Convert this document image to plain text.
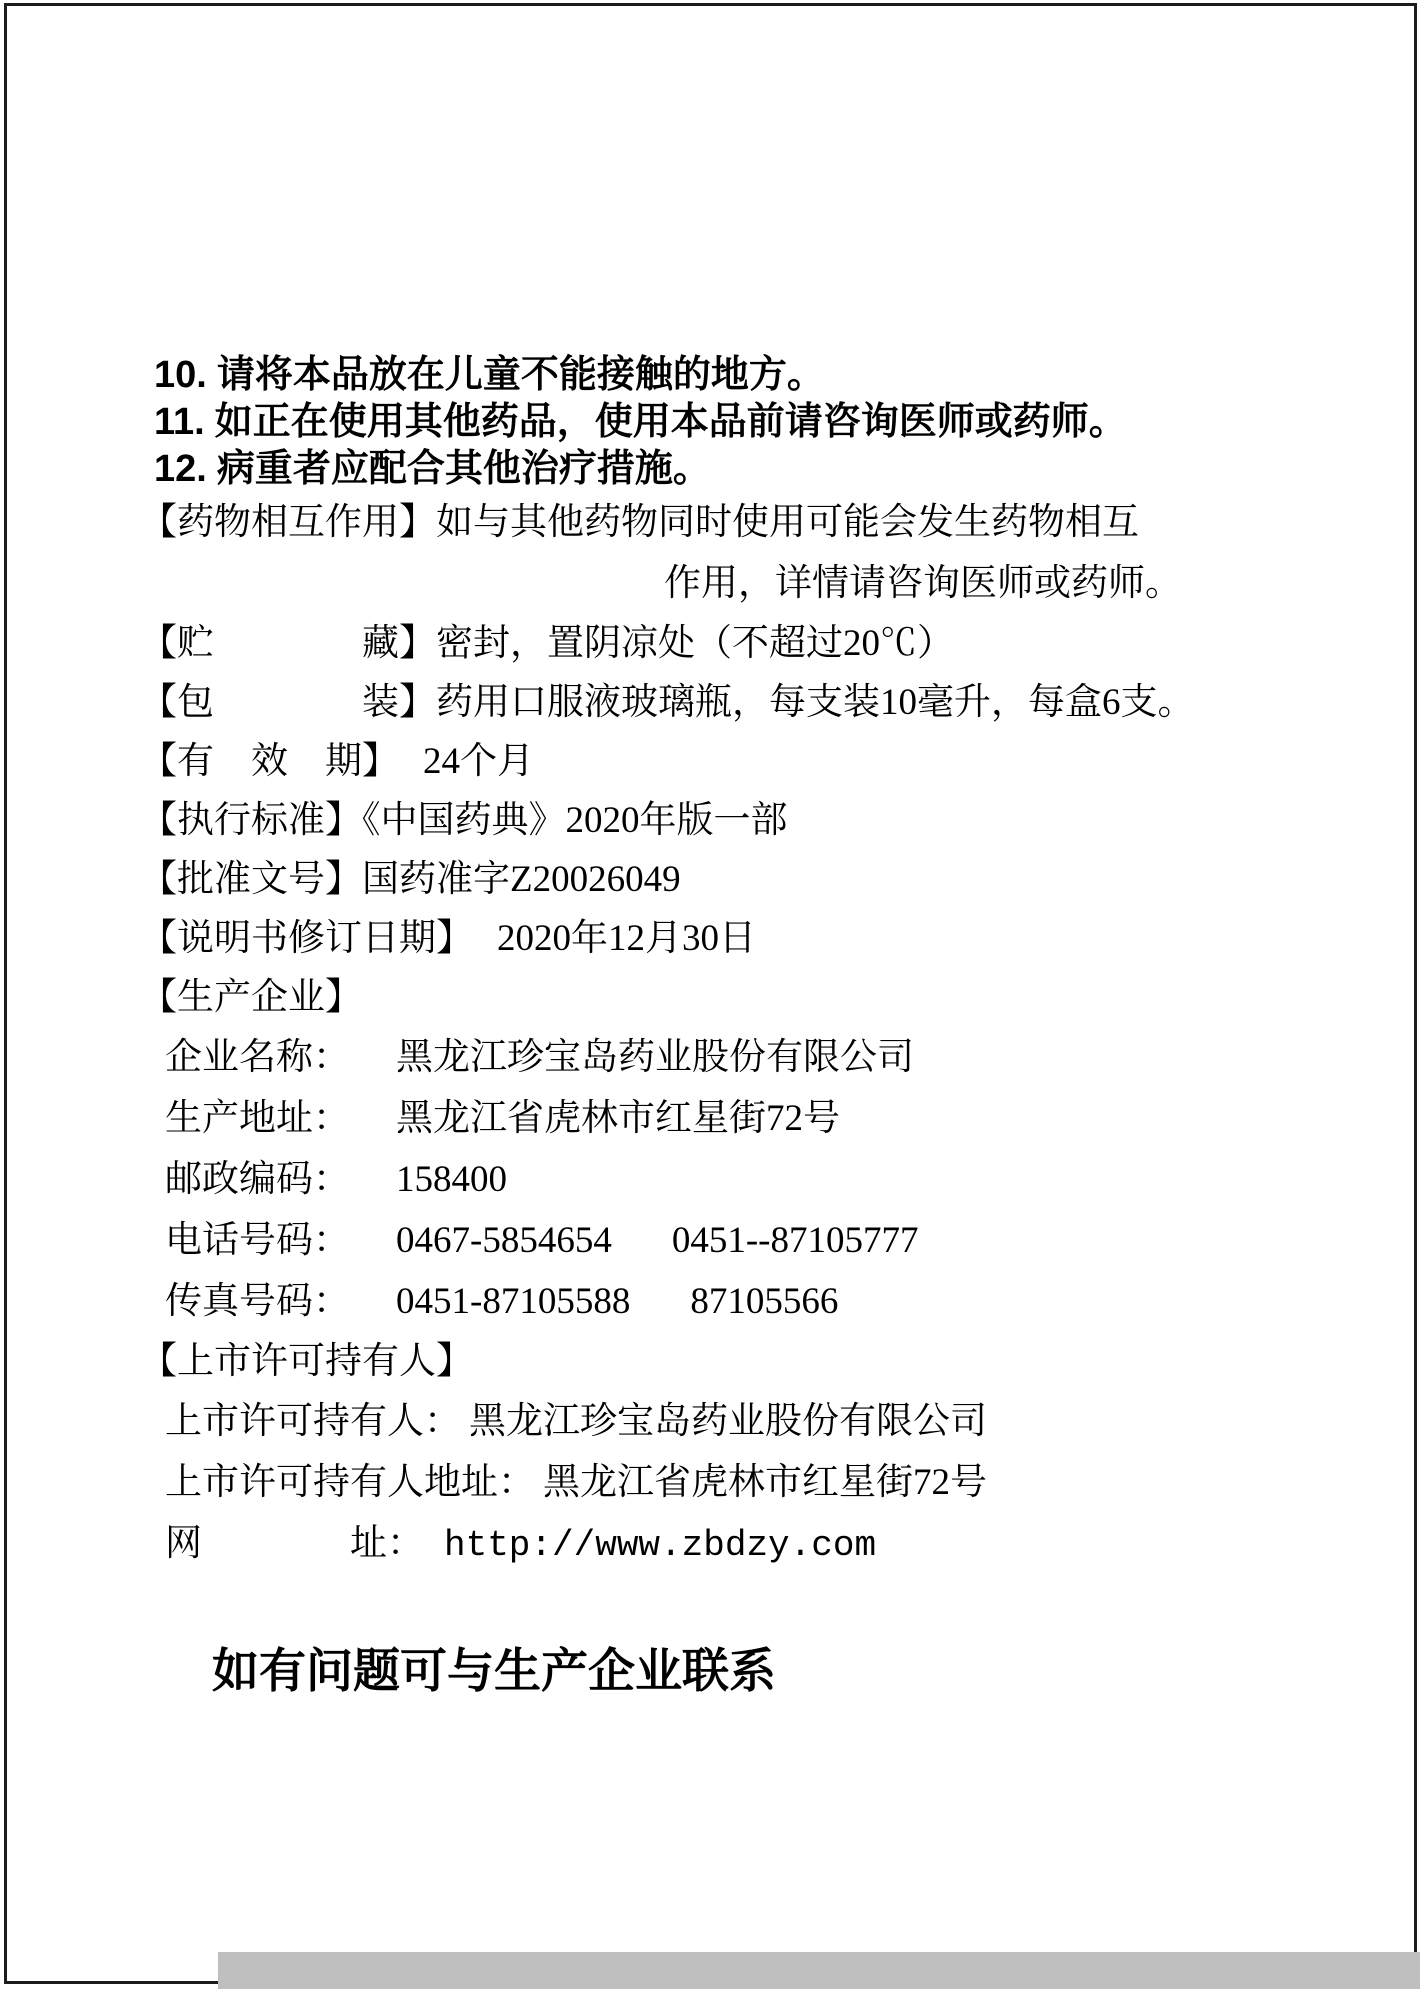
10. 请将本品放在儿童不能接触的地方。
11. 如正在使用其他药品，使用本品前请咨询医师或药师。
12. 病重者应配合其他治疗措施。
【药物相互作用】如与其他药物同时使用可能会发生药物相互
作用，详情请咨询医师或药师。
【贮　　　　藏】密封，置阴凉处（不超过20℃）
【包　　　　装】药用口服液玻璃瓶，每支装10毫升，每盒6支。
【有　效　期】 24个月
【执行标准】《中国药典》2020年版一部
【批准文号】国药准字Z20026049
【说明书修订日期】 2020年12月30日
【生产企业】
企业名称： 黑龙江珍宝岛药业股份有限公司
生产地址： 黑龙江省虎林市红星街72号
邮政编码： 158400
电话号码： 0467-5854654 0451--87105777
传真号码： 0451-87105588 87105566
【上市许可持有人】
上市许可持有人： 黑龙江珍宝岛药业股份有限公司
上市许可持有人地址： 黑龙江省虎林市红星街72号
网　　　　址： http://www.zbdzy.com
如有问题可与生产企业联系
